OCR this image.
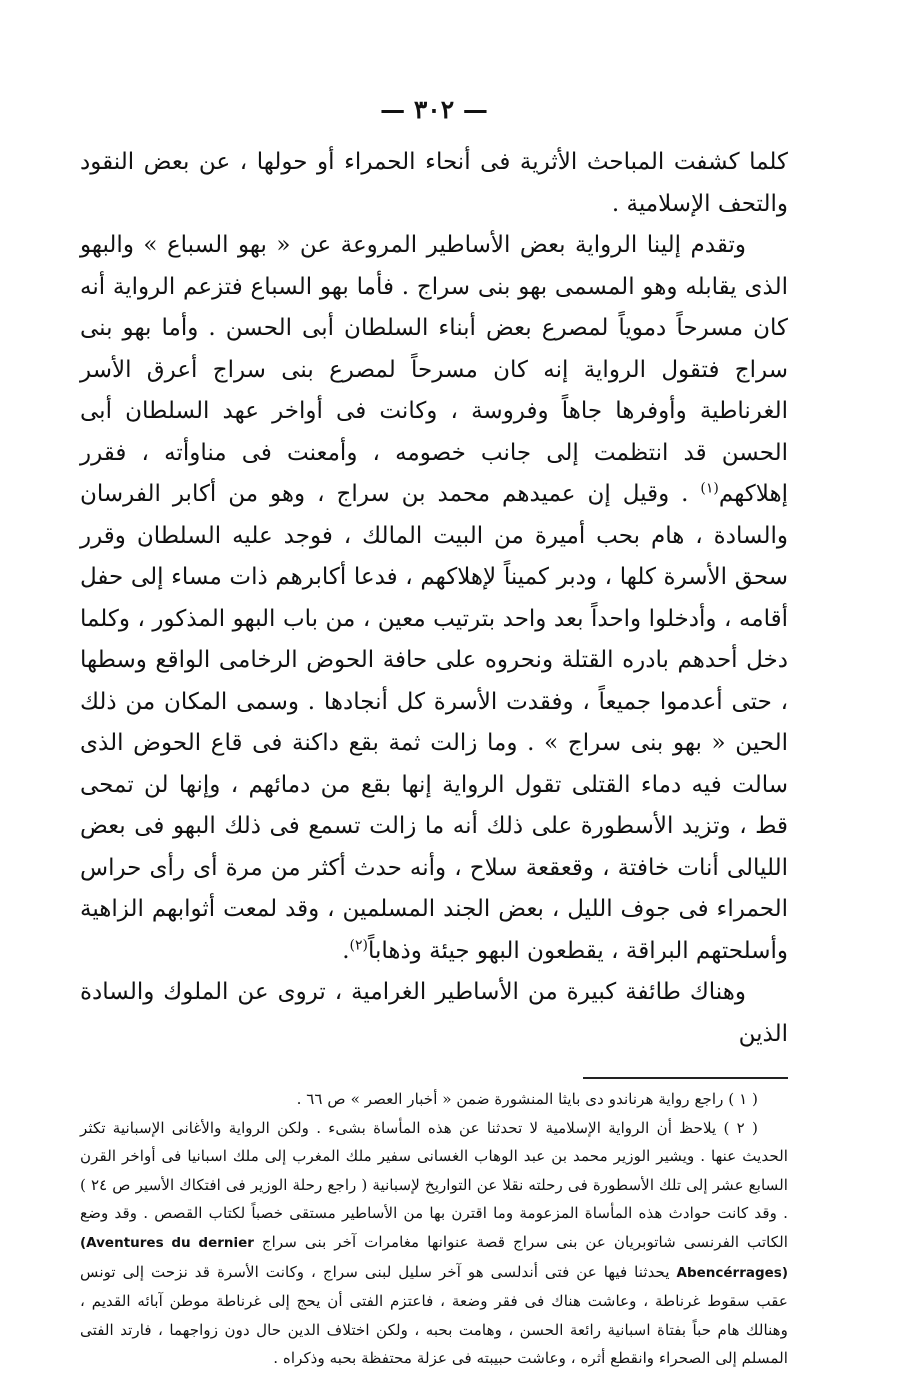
— ٣٠٢ —

كلما كشفت المباحث الأثرية فى أنحاء الحمراء أو حولها ، عن بعض النقود والتحف الإسلامية .

وتقدم إلينا الرواية بعض الأساطير المروعة عن « بهو السباع » والبهو الذى يقابله وهو المسمى بهو بنى سراج . فأما بهو السباع فتزعم الرواية أنه كان مسرحاً دموياً لمصرع بعض أبناء السلطان أبى الحسن . وأما بهو بنى سراج فتقول الرواية إنه كان مسرحاً لمصرع بنى سراج أعرق الأسر الغرناطية وأوفرها جاهاً وفروسة ، وكانت فى أواخر عهد السلطان أبى الحسن قد انتظمت إلى جانب خصومه ، وأمعنت فى مناوأته ، فقرر إهلاكهم$^{(١)}$ . وقيل إن عميدهم محمد بن سراج ، وهو من أكابر الفرسان والسادة ، هام بحب أميرة من البيت المالك ، فوجد عليه السلطان وقرر سحق الأسرة كلها ، ودبر كميناً لإهلاكهم ، فدعا أكابرهم ذات مساء إلى حفل أقامه ، وأدخلوا واحداً بعد واحد بترتيب معين ، من باب البهو المذكور ، وكلما دخل أحدهم بادره القتلة ونحروه على حافة الحوض الرخامى الواقع وسطها ، حتى أعدموا جميعاً ، وفقدت الأسرة كل أنجادها . وسمى المكان من ذلك الحين « بهو بنى سراج » . وما زالت ثمة بقع داكنة فى قاع الحوض الذى سالت فيه دماء القتلى تقول الرواية إنها بقع من دمائهم ، وإنها لن تمحى قط ، وتزيد الأسطورة على ذلك أنه ما زالت تسمع فى ذلك البهو فى بعض الليالى أنات خافتة ، وقعقعة سلاح ، وأنه حدث أكثر من مرة أى رأى حراس الحمراء فى جوف الليل ، بعض الجند المسلمين ، وقد لمعت أثوابهم الزاهية وأسلحتهم البراقة ، يقطعون البهو جيئة وذهاباً$^{(٢)}$.

وهناك طائفة كبيرة من الأساطير الغرامية ، تروى عن الملوك والسادة الذين

( ١ ) راجع رواية هرناندو دى بايثا المنشورة ضمن « أخبار العصر » ص ٦٦ .

( ٢ ) يلاحظ أن الرواية الإسلامية لا تحدثنا عن هذه المأساة بشىء . ولكن الرواية والأغانى الإسبانية تكثر الحديث عنها . ويشير الوزير محمد بن عبد الوهاب الغسانى سفير ملك المغرب إلى ملك اسبانيا فى أواخر القرن السابع عشر إلى تلك الأسطورة فى رحلته نقلا عن التواريخ لإسبانية ( راجع رحلة الوزير فى افتكاك الأسير ص ٢٤ ) . وقد كانت حوادث هذه المأساة المزعومة وما اقترن بها من الأساطير مستقى خصباً لكتاب القصص . وقد وضع الكاتب الفرنسى شاتوبريان عن بنى سراج قصة عنوانها مغامرات آخر بنى سراج (Aventures du dernier Abencérrages) يحدثنا فيها عن فتى أندلسى هو آخر سليل لبنى سراج ، وكانت الأسرة قد نزحت إلى تونس عقب سقوط غرناطة ، وعاشت هناك فى فقر وضعة ، فاعتزم الفتى أن يحج إلى غرناطة موطن آبائه القديم ، وهنالك هام حباً بفتاة اسبانية رائعة الحسن ، وهامت بحبه ، ولكن اختلاف الدين حال دون زواجهما ، فارتد الفتى المسلم إلى الصحراء وانقطع أثره ، وعاشت حبيبته فى عزلة محتفظة بحبه وذكراه .
